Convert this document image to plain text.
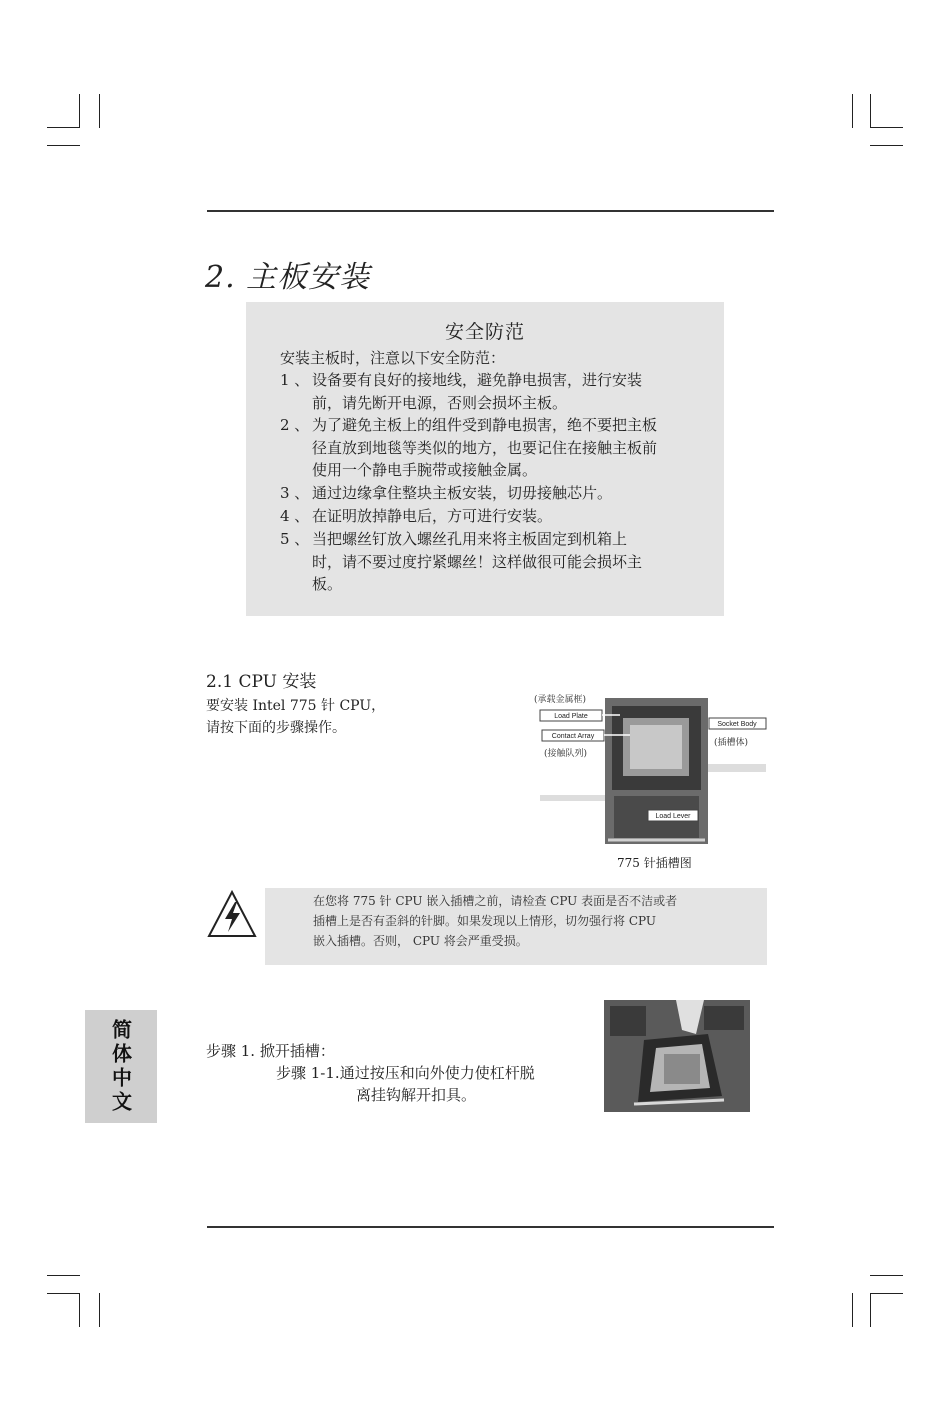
2. 主板安装
安全防范
安装主板时，注意以下安全防范：
1 、 设备要有良好的接地线，避免静电损害，进行安装
前，请先断开电源，否则会损坏主板。
2 、 为了避免主板上的组件受到静电损害，绝不要把主板
径直放到地毯等类似的地方，也要记住在接触主板前
使用一个静电手腕带或接触金属。
3 、 通过边缘拿住整块主板安装，切毋接触芯片。
4 、 在证明放掉静电后，方可进行安装。
5 、 当把螺丝钉放入螺丝孔用来将主板固定到机箱上
时，请不要过度拧紧螺丝！这样做很可能会损坏主
板。
2.1 CPU 安装
要安装 Intel 775 针 CPU，
请按下面的步骤操作。
(承载金属框)
Load Plate
Contact Array
(接触队列)
Socket Body
(插槽体)
Load Lever
775 针插槽图
在您将 775 针 CPU 嵌入插槽之前，请检查 CPU 表面是否不洁或者
插槽上是否有歪斜的针脚。如果发现以上情形，切勿强行将 CPU
嵌入插槽。否则， CPU 将会严重受损。
步骤 1. 掀开插槽：
步骤 1-1.通过按压和向外使力使杠杆脱
离挂钩解开扣具。
简体中文
